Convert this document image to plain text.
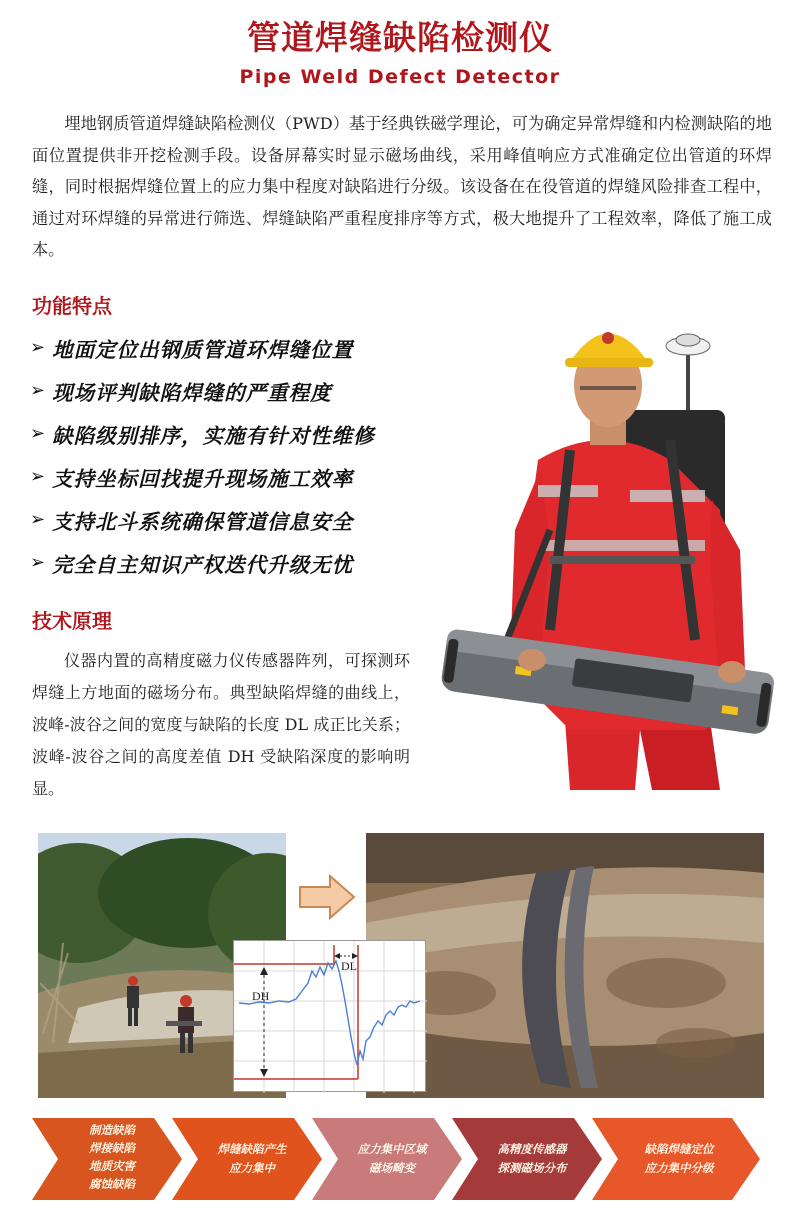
管道焊缝缺陷检测仪
Pipe Weld Defect Detector

埋地钢质管道焊缝缺陷检测仪（PWD）基于经典铁磁学理论，可为确定异常焊缝和内检测缺陷的地面位置提供非开挖检测手段。设备屏幕实时显示磁场曲线，采用峰值响应方式准确定位出管道的环焊缝，同时根据焊缝位置上的应力集中程度对缺陷进行分级。该设备在在役管道的焊缝风险排查工程中，通过对环焊缝的异常进行筛选、焊缝缺陷严重程度排序等方式，极大地提升了工程效率，降低了施工成本。

功能特点
➢ 地面定位出钢质管道环焊缝位置
➢ 现场评判缺陷焊缝的严重程度
➢ 缺陷级别排序，实施有针对性维修
➢ 支持坐标回找提升现场施工效率
➢ 支持北斗系统确保管道信息安全
➢ 完全自主知识产权迭代升级无忧
技术原理

仪器内置的高精度磁力仪传感器阵列，可探测环焊缝上方地面的磁场分布。典型缺陷焊缝的曲线上，波峰-波谷之间的宽度与缺陷的长度 DL 成正比关系；波峰-波谷之间的高度差值 DH 受缺陷深度的影响明显。

DH
DL
制造缺陷
焊接缺陷
地质灾害
腐蚀缺陷
焊缝缺陷产生
应力集中
应力集中区域
磁场畸变
高精度传感器
探测磁场分布
缺陷焊缝定位
应力集中分级
